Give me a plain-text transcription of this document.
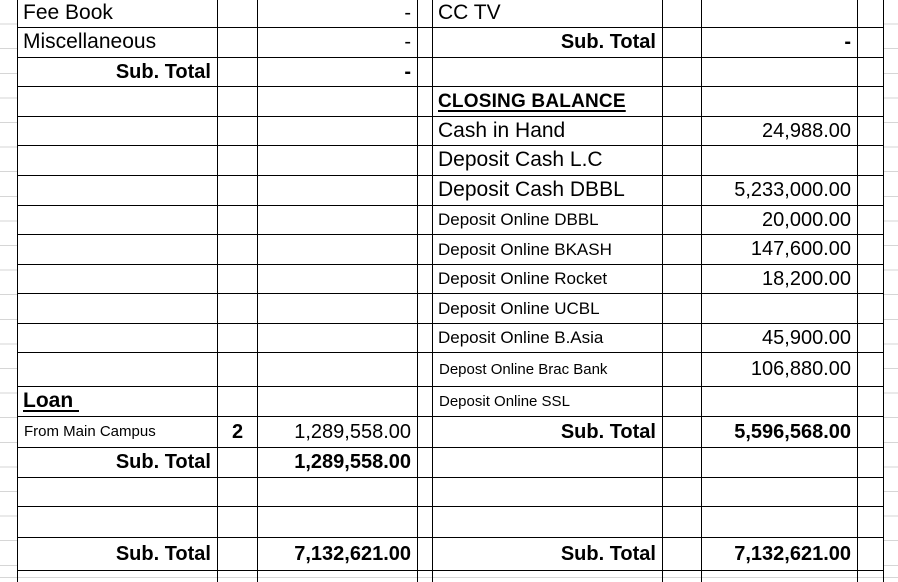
Fee Book	-	CC TV
Miscellaneous	-	Sub. Total	-
Sub. Total	-
CLOSING BALANCE
Cash in Hand	24,988.00
Deposit Cash L.C
Deposit Cash DBBL	5,233,000.00
Deposit Online DBBL	20,000.00
Deposit Online BKASH	147,600.00
Deposit Online Rocket	18,200.00
Deposit Online UCBL
Deposit Online B.Asia	45,900.00
Depost Online Brac Bank	106,880.00
Loan	Deposit Online SSL
From Main Campus	2	1,289,558.00	Sub. Total	5,596,568.00
Sub. Total	1,289,558.00
Sub. Total	7,132,621.00	Sub. Total	7,132,621.00
